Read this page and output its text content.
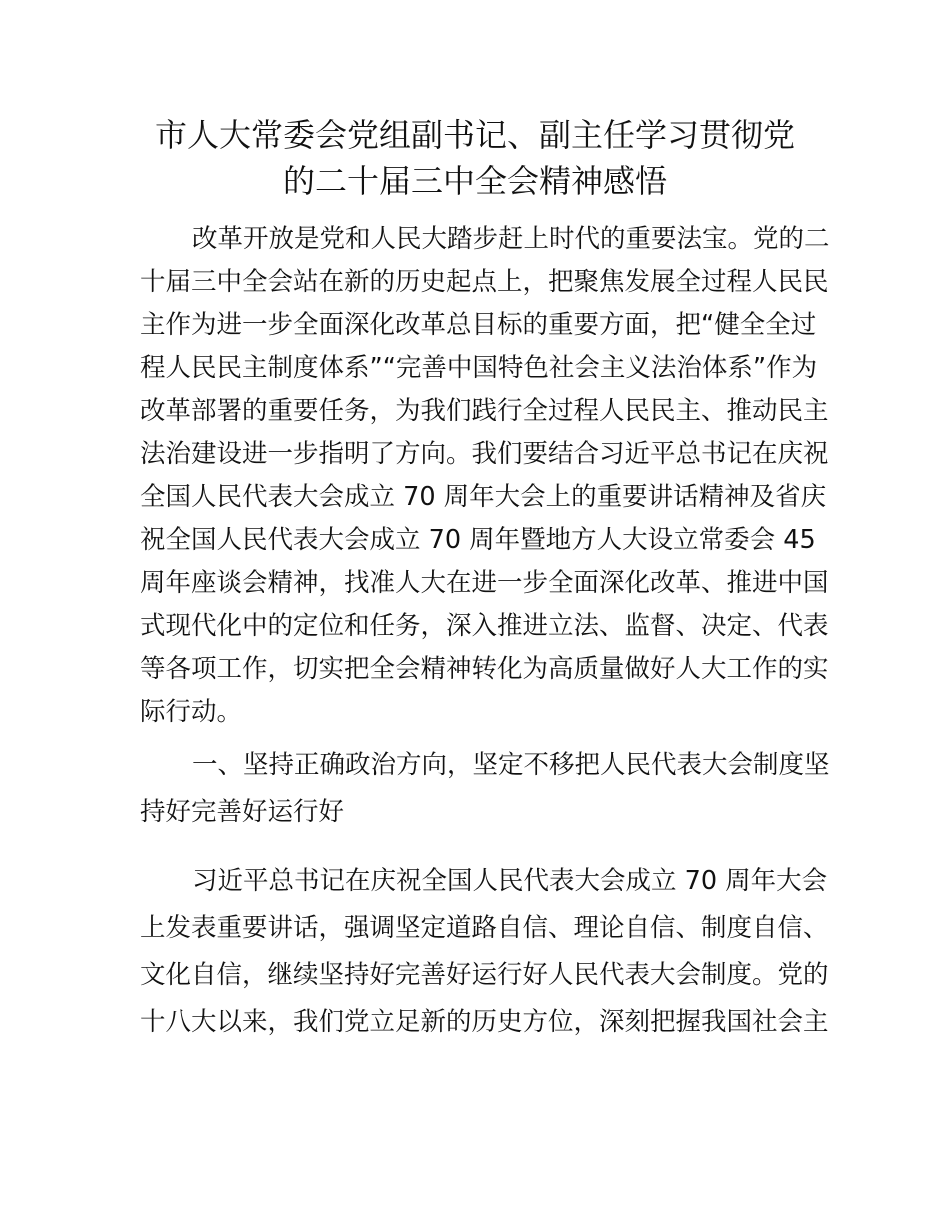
市人大常委会党组副书记、副主任学习贯彻党
的二十届三中全会精神感悟
改革开放是党和人民大踏步赶上时代的重要法宝。党的二
十届三中全会站在新的历史起点上，把聚焦发展全过程人民民
主作为进一步全面深化改革总目标的重要方面，把“健全全过
程人民民主制度体系”“完善中国特色社会主义法治体系”作为
改革部署的重要任务，为我们践行全过程人民民主、推动民主
法治建设进一步指明了方向。我们要结合习近平总书记在庆祝
全国人民代表大会成立 70 周年大会上的重要讲话精神及省庆
祝全国人民代表大会成立 70 周年暨地方人大设立常委会 45
周年座谈会精神，找准人大在进一步全面深化改革、推进中国
式现代化中的定位和任务，深入推进立法、监督、决定、代表
等各项工作，切实把全会精神转化为高质量做好人大工作的实
际行动。
一、坚持正确政治方向，坚定不移把人民代表大会制度坚
持好完善好运行好
习近平总书记在庆祝全国人民代表大会成立 70 周年大会
上发表重要讲话，强调坚定道路自信、理论自信、制度自信、
文化自信，继续坚持好完善好运行好人民代表大会制度。党的
十八大以来，我们党立足新的历史方位，深刻把握我国社会主
